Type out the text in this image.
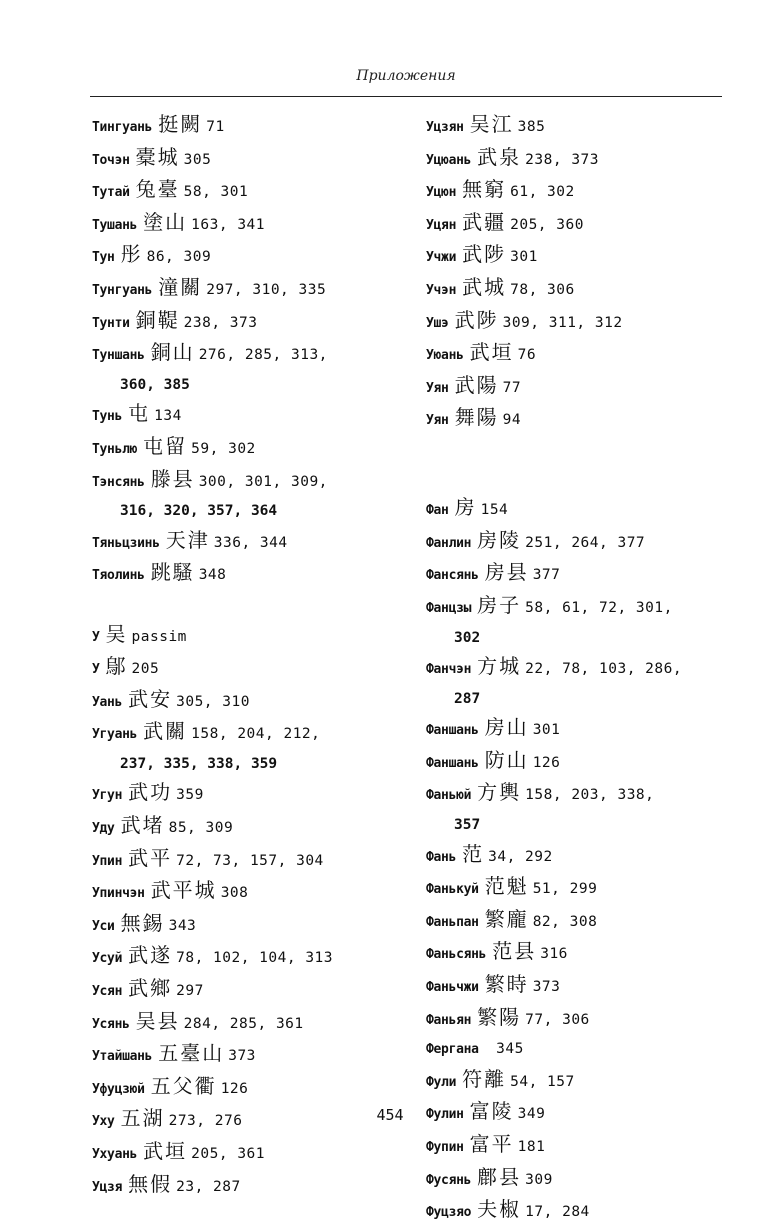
Приложения
Тингуань 挺闕 71
Точэн 橐城 305
Тутай 兔臺 58, 301
Тушань 塗山 163, 341
Тун 彤 86, 309
Тунгуань 潼關 297, 310, 335
Тунти 銅鞮 238, 373
Туншань 銅山 276, 285, 313,
360, 385
Тунь 屯 134
Туньлю 屯留 59, 302
Тэнсянь 滕县 300, 301, 309,
316, 320, 357, 364
Тяньцзинь 天津 336, 344
Тяолинь 跳騷 348
У 吴 passim
У 鄔 205
Уань 武安 305, 310
Угуань 武關 158, 204, 212,
237, 335, 338, 359
Угун 武功 359
Уду 武堵 85, 309
Упин 武平 72, 73, 157, 304
Упинчэн 武平城 308
Уси 無錫 343
Усуй 武遂 78, 102, 104, 313
Усян 武鄉 297
Усянь 吴县 284, 285, 361
Утайшань 五臺山 373
Уфуцзюй 五父衢 126
Уху 五湖 273, 276
Ухуань 武垣 205, 361
Уцзя 無假 23, 287
Уцзян 吴江 385
Уцюань 武泉 238, 373
Уцюн 無窮 61, 302
Уцян 武疆 205, 360
Учжи 武陟 301
Учэн 武城 78, 306
Ушэ 武陟 309, 311, 312
Уюань 武垣 76
Уян 武陽 77
Уян 舞陽 94
Фан 房 154
Фанлин 房陵 251, 264, 377
Фансянь 房县 377
Фанцзы 房子 58, 61, 72, 301,
302
Фанчэн 方城 22, 78, 103, 286,
287
Фаншань 房山 301
Фаншань 防山 126
Фаньюй 方輿 158, 203, 338,
357
Фань 范 34, 292
Фанькуй 范魁 51, 299
Фаньпан 繁龐 82, 308
Фаньсянь 范县 316
Фаньчжи 繁時 373
Фаньян 繁陽 77, 306
Фергана 345
Фули 符離 54, 157
Фулин 富陵 349
Фупин 富平 181
Фусянь 鄜县 309
Фуцзяо 夫椒 17, 284
454
